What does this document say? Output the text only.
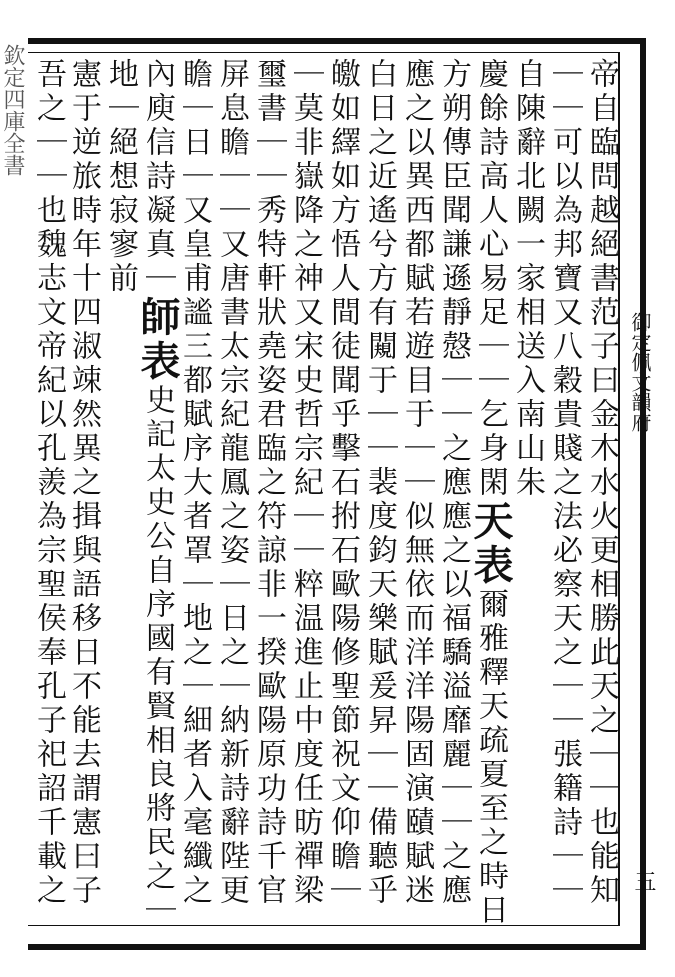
欽定四庫全書
御定佩文韻府
五
帝自臨問越絕書范子曰金木水火更相勝此天之｜｜也能知
｜｜可以為邦寶又八穀貴賤之法必察天之｜｜張籍詩｜｜
自陳辭北闕一家相送入南山朱
慶餘詩高人心易足｜｜乞身閑天表爾雅釋天疏夏至之時日
方朔傳臣聞謙遜靜慤｜｜之應應之以福驕溢靡麗｜｜之應
應之以異西都賦若遊目于｜｜似無依而洋洋陽固演賾賦迷
白日之近遙兮方有闚于｜｜裴度鈞天樂賦爰昇｜｜備聽乎
皦如繹如方悟人間徒聞乎擊石拊石歐陽修聖節祝文仰瞻｜
｜莫非嶽降之神又宋史哲宗紀｜｜粹温進止中度任昉禪梁
璽書｜｜秀特軒狀堯姿君臨之符諒非一揆歐陽原功詩千官
屏息瞻｜｜又唐書太宗紀龍鳳之姿｜日之｜納新詩辭陛更
瞻｜日｜又皇甫謐三都賦序大者罩｜地之｜細者入毫纖之
內庾信詩凝真｜師表史記太史公自序國有賢相良將民之｜
地｜絕想寂寥前
憲于逆旅時年十四淑竦然異之揖與語移日不能去謂憲曰子
吾之｜｜也魏志文帝紀以孔羨為宗聖侯奉孔子祀詔千載之
